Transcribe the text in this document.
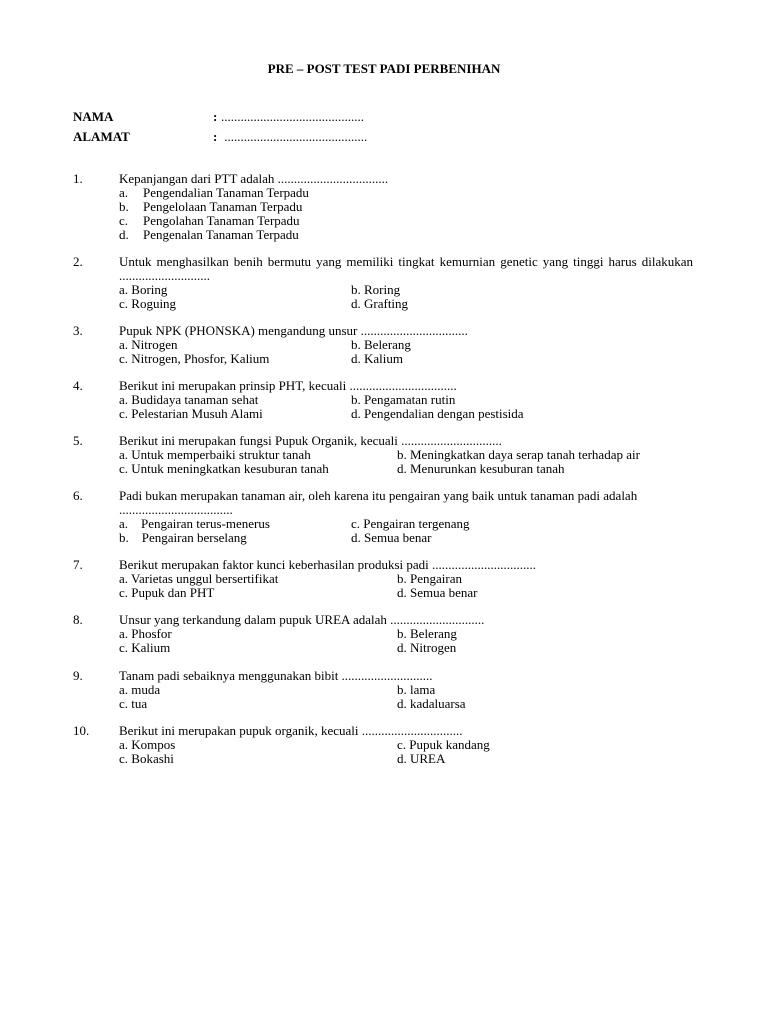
PRE – POST TEST PADI PERBENIHAN
NAMA	: ............................................
ALAMAT	: ............................................
1.	Kepanjangan dari PTT adalah ..................................
a. Pengendalian Tanaman Terpadu
b. Pengelolaan Tanaman Terpadu
c. Pengolahan Tanaman Terpadu
d. Pengenalan Tanaman Terpadu
2.	Untuk menghasilkan benih bermutu yang memiliki tingkat kemurnian genetic yang tinggi harus dilakukan ............................
a. Boring	b. Roring
c. Roguing	d. Grafting
3.	Pupuk NPK (PHONSKA) mengandung unsur .................................
a. Nitrogen	b. Belerang
c. Nitrogen, Phosfor, Kalium	d. Kalium
4.	Berikut ini merupakan prinsip PHT, kecuali .................................
a. Budidaya tanaman sehat	b. Pengamatan rutin
c. Pelestarian Musuh Alami	d. Pengendalian dengan pestisida
5.	Berikut ini merupakan fungsi Pupuk Organik, kecuali ...............................
a. Untuk memperbaiki struktur tanah	b. Meningkatkan daya serap tanah terhadap air
c. Untuk meningkatkan kesuburan tanah	d. Menurunkan kesuburan tanah
6.	Padi bukan merupakan tanaman air, oleh karena itu pengairan yang baik untuk tanaman padi adalah ...................................
a.    Pengairan terus-menerus	c. Pengairan tergenang
b.    Pengairan berselang	d. Semua benar
7.	Berikut merupakan faktor kunci keberhasilan produksi padi ................................
a. Varietas unggul bersertifikat	b. Pengairan
c. Pupuk dan PHT	d. Semua benar
8.	Unsur yang terkandung dalam pupuk UREA adalah .............................
a. Phosfor	b. Belerang
c. Kalium	d. Nitrogen
9.	Tanam padi sebaiknya menggunakan bibit ............................
a. muda	b. lama
c. tua	d. kadaluarsa
10. Berikut ini merupakan pupuk organik, kecuali ...............................
a. Kompos	c. Pupuk kandang
c. Bokashi	d. UREA
